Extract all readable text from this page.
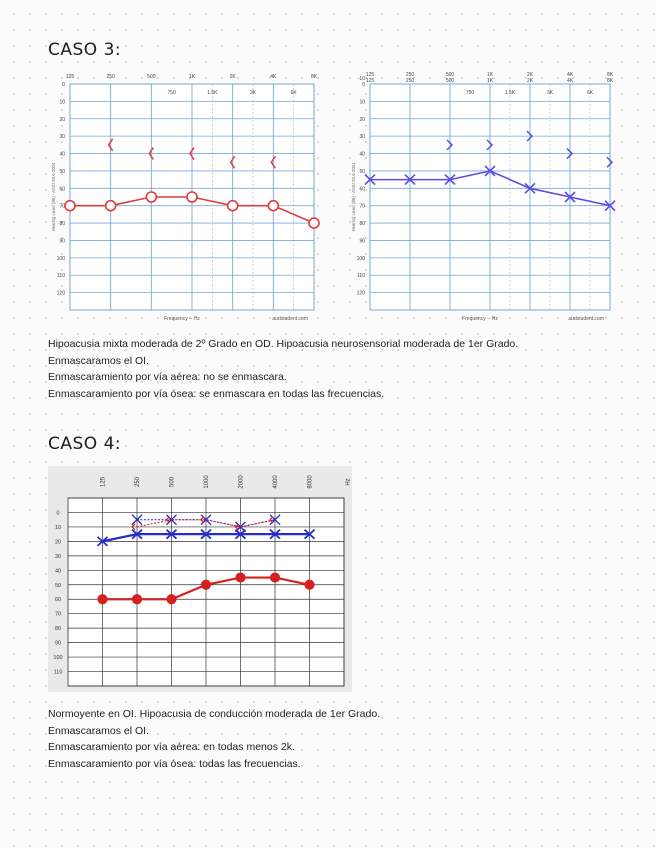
CASO 3:
125	250	500	1K	2K	4K	8K
750	1.5K	3K	6K
0
10
20
30
40
50
60
70
80
90
100
110
120
Hearing Level (dB) - ANSI S3.6-2004
Frequency -- Hz	audstudent.com
125	250	500	1K	2K	4K	8K
125	250	500	1K	2K	4K	8K
750	1.5K	3K	6K
-10
0
10
20
30
40
50
60
70
80
90
100
110
120
Hearing Level (dB) - ANSI S3.6-2004
Frequency -- Hz	audstudent.com
Hipoacusia mixta moderada de 2º Grado en OD. Hipoacusia neurosensorial moderada de 1er Grado.
Enmascaramos el OI.
Enmascaramiento por vía aérea: no se enmascara.
Enmascaramiento por vía ósea: se enmascara en todas las frecuencias.
CASO 4:
125	250	500	1000	2000	4000	8000	Hz
0
10
20
30
40
50
60
70
80
90
100
110
Normoyente en OI. Hipoacusia de conducción moderada de 1er Grado.
Enmascaramos el OI.
Enmascaramiento por vía aérea: en todas menos 2k.
Enmascaramiento por vía ósea: todas las frecuencias.
